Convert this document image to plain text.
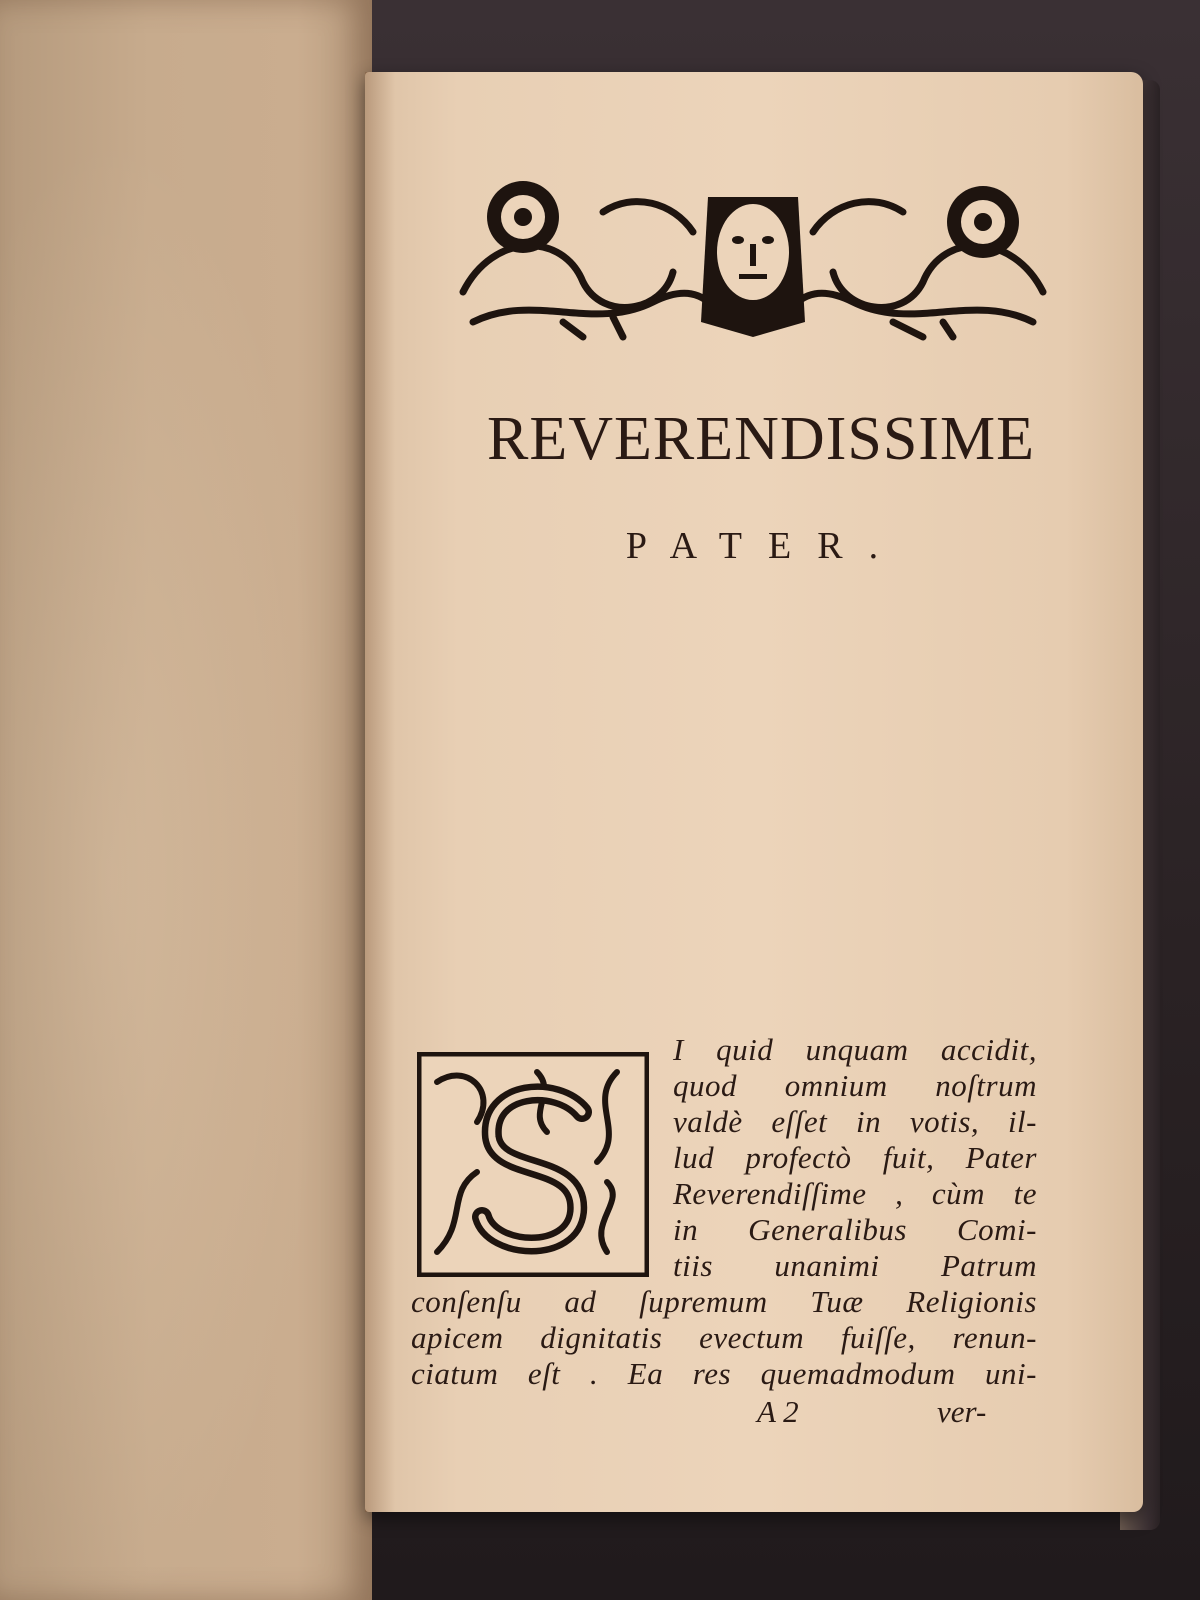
REVERENDISSIME
PATER.
I quid unquam accidit,
quod omnium noſtrum
valdè eſſet in votis, il-
lud profectò fuit, Pater
Reverendiſſime , cùm te
in Generalibus Comi-
tiis unanimi Patrum
conſenſu ad ſupremum Tuæ Religionis
apicem dignitatis evectum fuiſſe, renun-
ciatum eſt . Ea res quemadmodum uni-
A 2	ver-
